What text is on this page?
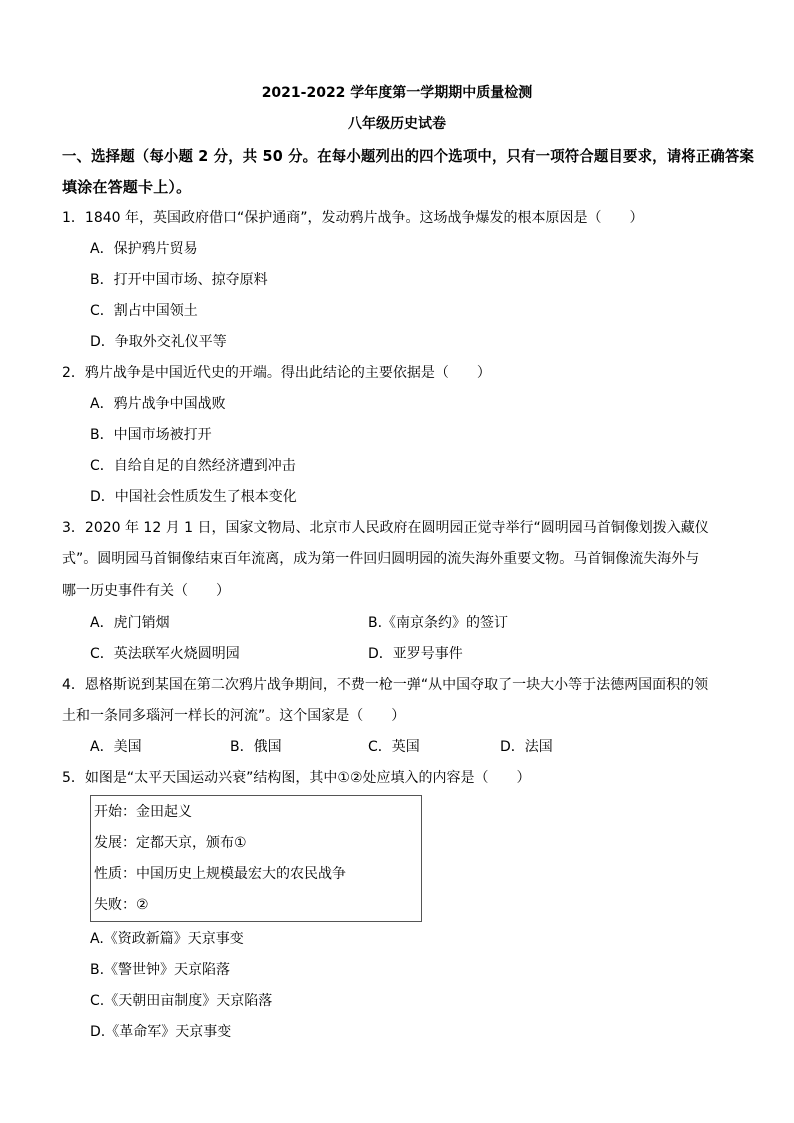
2021-2022 学年度第一学期期中质量检测
八年级历史试卷
一、选择题（每小题 2 分，共 50 分。在每小题列出的四个选项中，只有一项符合题目要求，请将正确答案
填涂在答题卡上）。
1．1840 年，英国政府借口“保护通商”，发动鸦片战争。这场战争爆发的根本原因是（　　）
A．保护鸦片贸易
B．打开中国市场、掠夺原料
C．割占中国领土
D．争取外交礼仪平等
2．鸦片战争是中国近代史的开端。得出此结论的主要依据是（　　）
A．鸦片战争中国战败
B．中国市场被打开
C．自给自足的自然经济遭到冲击
D．中国社会性质发生了根本变化
3．2020 年 12 月 1 日，国家文物局、北京市人民政府在圆明园正觉寺举行“圆明园马首铜像划拨入藏仪
式”。圆明园马首铜像结束百年流离，成为第一件回归圆明园的流失海外重要文物。马首铜像流失海外与
哪一历史事件有关（　　）
A．虎门销烟	B.《南京条约》的签订
C．英法联军火烧圆明园	D．亚罗号事件
4．恩格斯说到某国在第二次鸦片战争期间，不费一枪一弹“从中国夺取了一块大小等于法德两国面积的领
土和一条同多瑙河一样长的河流”。这个国家是（　　）
A．美国	B．俄国	C．英国	D．法国
5．如图是“太平天国运动兴衰”结构图，其中①②处应填入的内容是（　　）
开始：金田起义
发展：定都天京，颁布①
性质：中国历史上规模最宏大的农民战争
失败：②
A.《资政新篇》天京事变
B.《警世钟》天京陷落
C.《天朝田亩制度》天京陷落
D.《革命军》天京事变
